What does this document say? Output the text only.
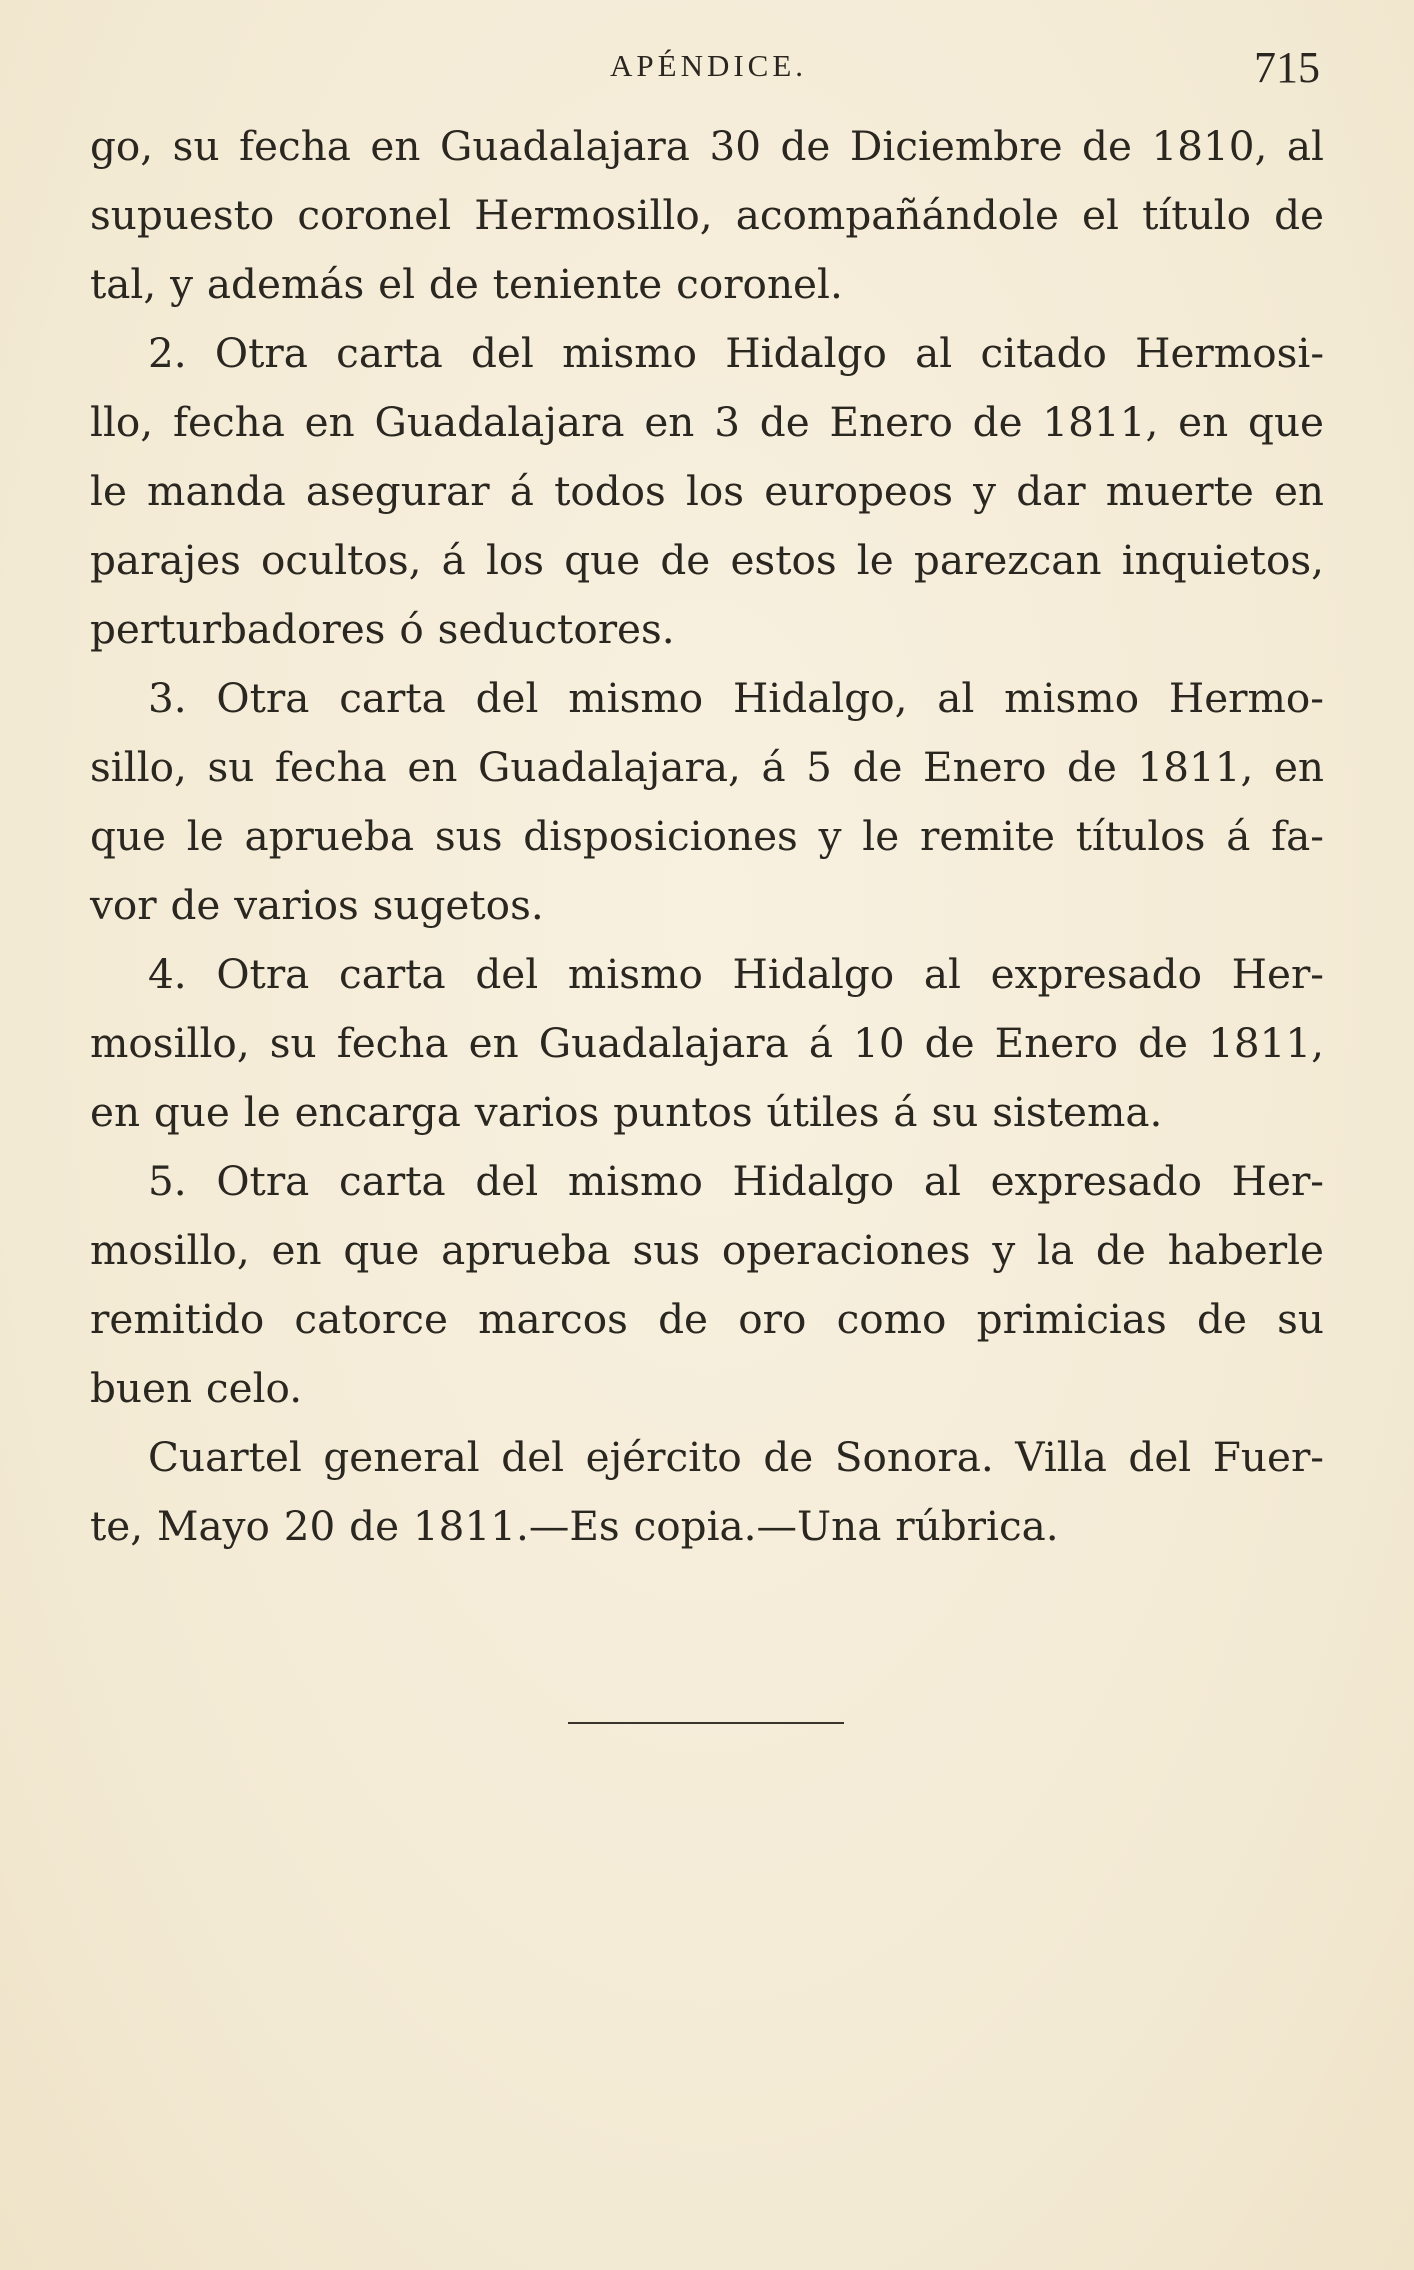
APÉNDICE.	715

go, su fecha en Guadalajara 30 de Diciembre de 1810, al
supuesto coronel Hermosillo, acompañándole el título de
tal, y además el de teniente coronel.

2. Otra carta del mismo Hidalgo al citado Hermosi-
llo, fecha en Guadalajara en 3 de Enero de 1811, en que
le manda asegurar á todos los europeos y dar muerte en
parajes ocultos, á los que de estos le parezcan inquietos,
perturbadores ó seductores.

3. Otra carta del mismo Hidalgo, al mismo Hermo-
sillo, su fecha en Guadalajara, á 5 de Enero de 1811, en
que le aprueba sus disposiciones y le remite títulos á fa-
vor de varios sugetos.

4. Otra carta del mismo Hidalgo al expresado Her-
mosillo, su fecha en Guadalajara á 10 de Enero de 1811,
en que le encarga varios puntos útiles á su sistema.

5. Otra carta del mismo Hidalgo al expresado Her-
mosillo, en que aprueba sus operaciones y la de haberle
remitido catorce marcos de oro como primicias de su
buen celo.

Cuartel general del ejército de Sonora. Villa del Fuer-
te, Mayo 20 de 1811.—Es copia.—Una rúbrica.
